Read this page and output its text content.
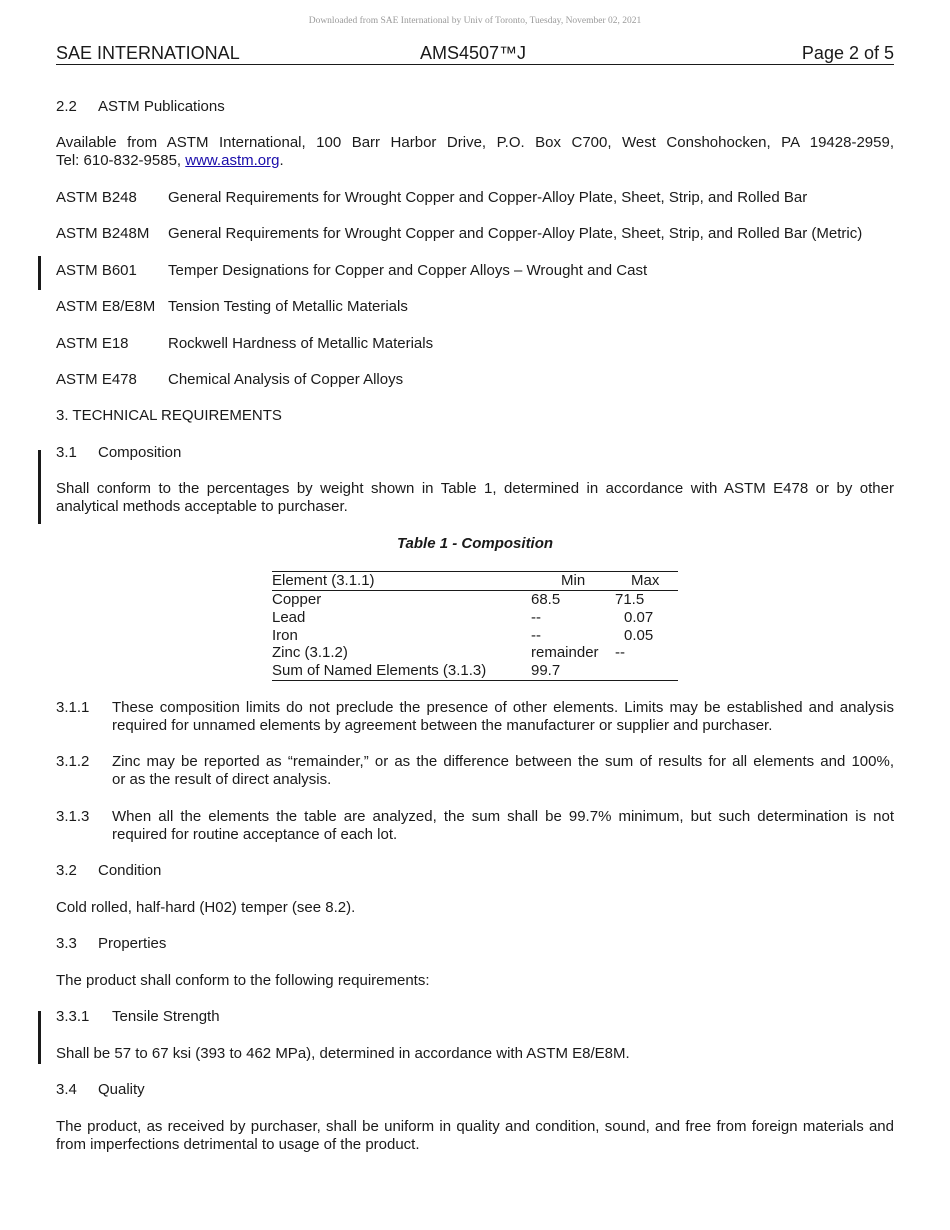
Downloaded from SAE International by Univ of Toronto, Tuesday, November 02, 2021
SAE INTERNATIONAL	AMS4507™J	Page 2 of 5
2.2 ASTM Publications
Available from ASTM International, 100 Barr Harbor Drive, P.O. Box C700, West Conshohocken, PA 19428-2959,
Tel: 610-832-9585, www.astm.org.
ASTM B248 General Requirements for Wrought Copper and Copper-Alloy Plate, Sheet, Strip, and Rolled Bar
ASTM B248M General Requirements for Wrought Copper and Copper-Alloy Plate, Sheet, Strip, and Rolled Bar (Metric)
ASTM B601 Temper Designations for Copper and Copper Alloys – Wrought and Cast
ASTM E8/E8M Tension Testing of Metallic Materials
ASTM E18	Rockwell Hardness of Metallic Materials
ASTM E478 Chemical Analysis of Copper Alloys
3. TECHNICAL REQUIREMENTS
3.1 Composition
Shall conform to the percentages by weight shown in Table 1, determined in accordance with ASTM E478 or by other
analytical methods acceptable to purchaser.
Table 1 - Composition
Element (3.1.1)	Min	Max
Copper	68.5	71.5
Lead	--	0.07
Iron	--	0.05
Zinc (3.1.2)	remainder --
Sum of Named Elements (3.1.3)	99.7
3.1.1 These composition limits do not preclude the presence of other elements. Limits may be established and analysis
required for unnamed elements by agreement between the manufacturer or supplier and purchaser.
3.1.2 Zinc may be reported as “remainder,” or as the difference between the sum of results for all elements and 100%,
or as the result of direct analysis.
3.1.3 When all the elements the table are analyzed, the sum shall be 99.7% minimum, but such determination is not
required for routine acceptance of each lot.
3.2 Condition
Cold rolled, half-hard (H02) temper (see 8.2).
3.3 Properties
The product shall conform to the following requirements:
3.3.1 Tensile Strength
Shall be 57 to 67 ksi (393 to 462 MPa), determined in accordance with ASTM E8/E8M.
3.4 Quality
The product, as received by purchaser, shall be uniform in quality and condition, sound, and free from foreign materials and
from imperfections detrimental to usage of the product.
